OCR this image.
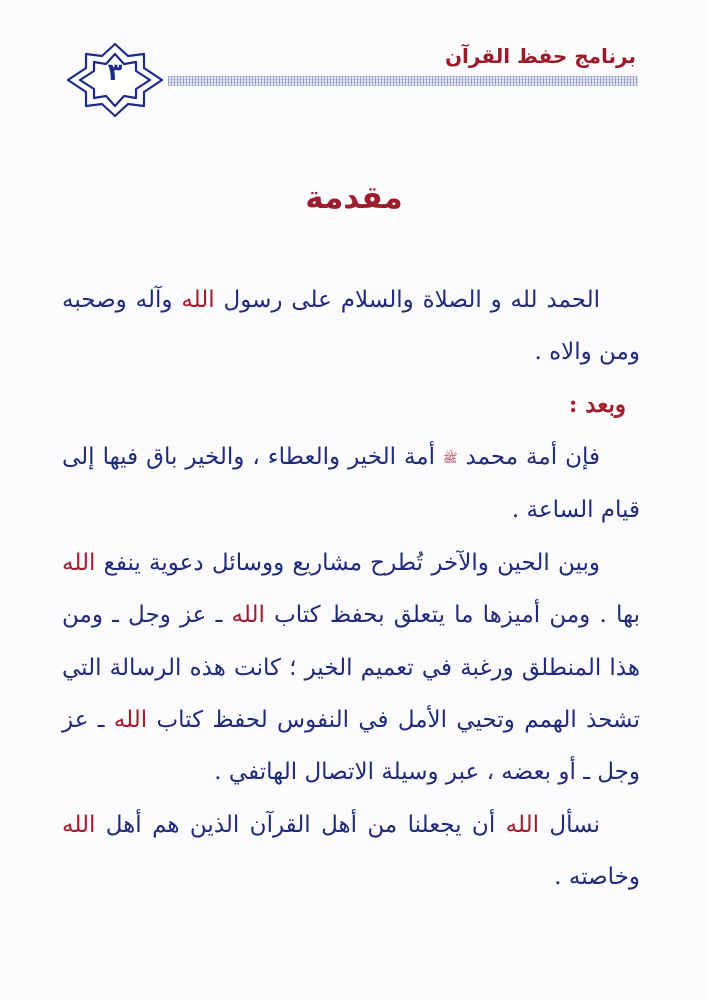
٣
برنامج حفظ القرآن
مقدمة

الحمد لله و الصلاة والسلام على رسول الله وآله وصحبه ومن والاه .

وبعد :

فإن أمة محمد ﷺ أمة الخير والعطاء ، والخير باق فيها إلى قيام الساعة .

وبين الحين والآخر تُطرح مشاريع ووسائل دعوية ينفع الله بها . ومن أميزها ما يتعلق بحفظ كتاب الله ـ عز وجل ـ ومن هذا المنطلق ورغبة في تعميم الخير ؛ كانت هذه الرسالة التي تشحذ الهمم وتحيي الأمل في النفوس لحفظ كتاب الله ـ عز وجل ـ أو بعضه ، عبر وسيلة الاتصال الهاتفي .

نسأل الله أن يجعلنا من أهل القرآن الذين هم أهل الله وخاصته .
